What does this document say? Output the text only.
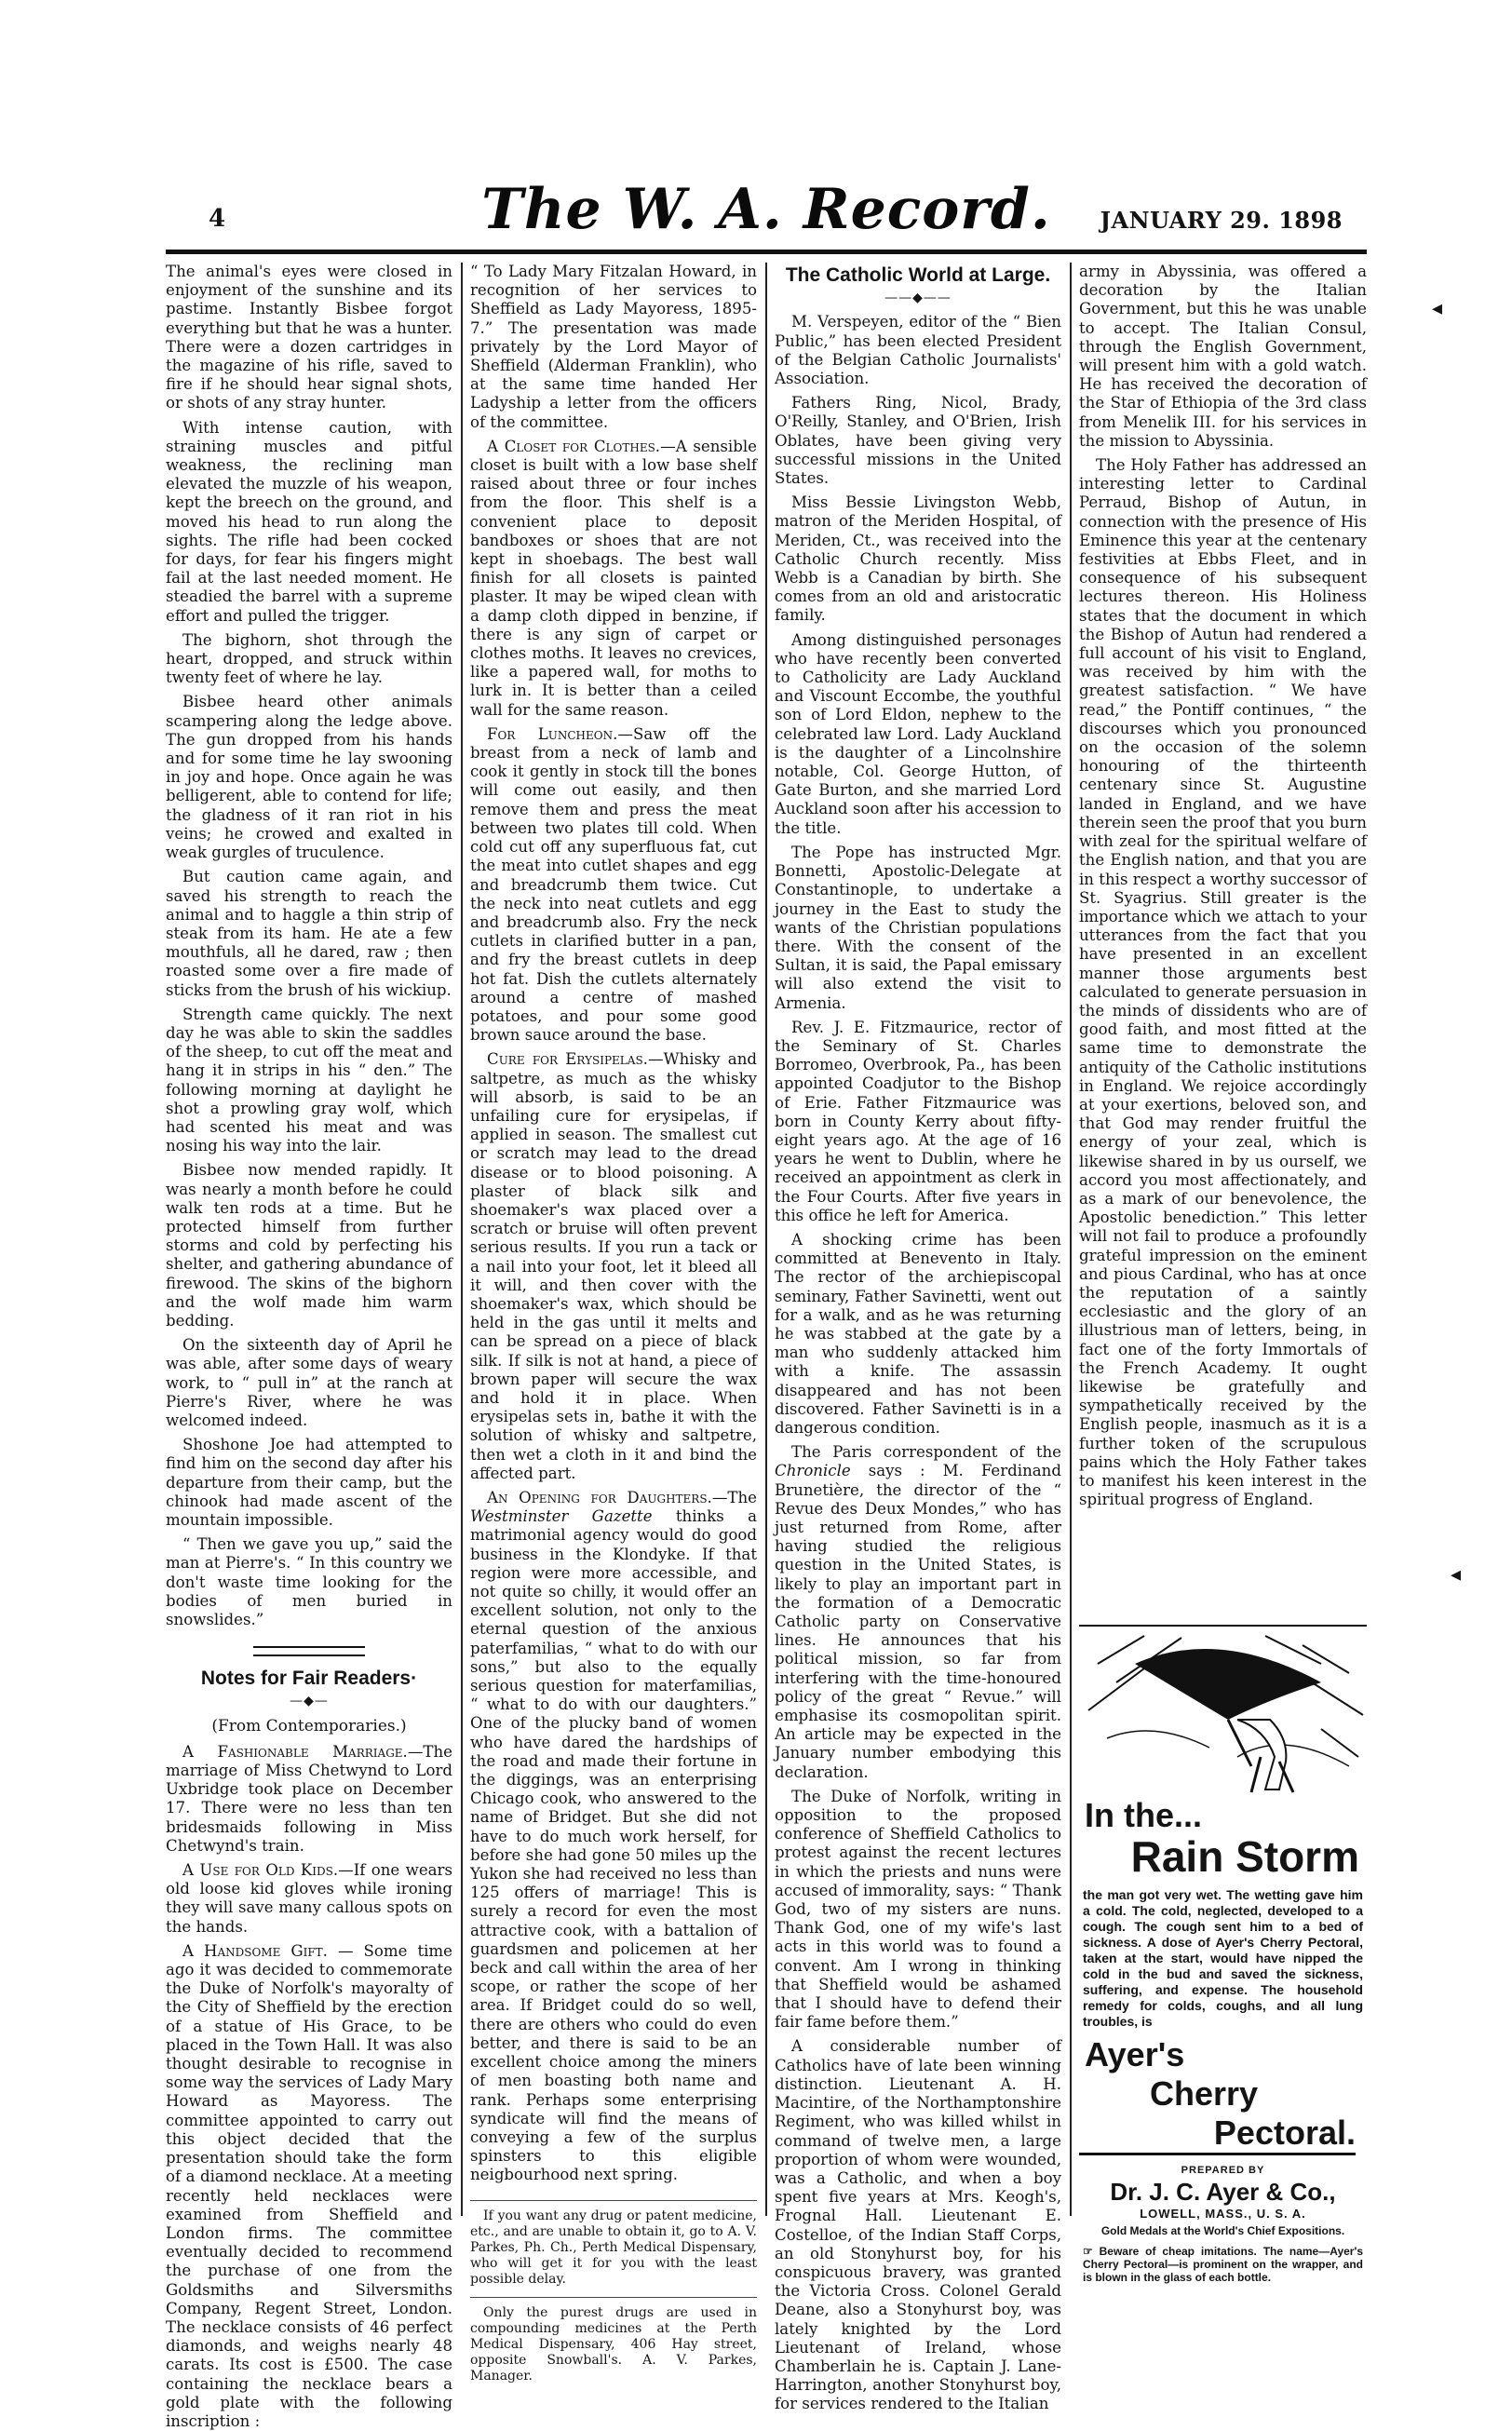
4	The W. A. Record.	JANUARY 29. 1898

The animal's eyes were closed in enjoyment of the sunshine and its pastime. Instantly Bisbee forgot everything but that he was a hunter. There were a dozen cartridges in the magazine of his rifle, saved to fire if he should hear signal shots, or shots of any stray hunter.

With intense caution, with straining muscles and pitful weakness, the reclining man elevated the muzzle of his weapon, kept the breech on the ground, and moved his head to run along the sights. The rifle had been cocked for days, for fear his fingers might fail at the last needed moment. He steadied the barrel with a supreme effort and pulled the trigger.

The bighorn, shot through the heart, dropped, and struck within twenty feet of where he lay.

Bisbee heard other animals scampering along the ledge above. The gun dropped from his hands and for some time he lay swooning in joy and hope. Once again he was belligerent, able to contend for life; the gladness of it ran riot in his veins; he crowed and exalted in weak gurgles of truculence.

But caution came again, and saved his strength to reach the animal and to haggle a thin strip of steak from its ham. He ate a few mouthfuls, all he dared, raw ; then roasted some over a fire made of sticks from the brush of his wickiup.

Strength came quickly. The next day he was able to skin the saddles of the sheep, to cut off the meat and hang it in strips in his “ den.” The following morning at daylight he shot a prowling gray wolf, which had scented his meat and was nosing his way into the lair.

Bisbee now mended rapidly. It was nearly a month before he could walk ten rods at a time. But he protected himself from further storms and cold by perfecting his shelter, and gathering abundance of firewood. The skins of the bighorn and the wolf made him warm bedding.

On the sixteenth day of April he was able, after some days of weary work, to “ pull in” at the ranch at Pierre's River, where he was welcomed indeed.

Shoshone Joe had attempted to find him on the second day after his departure from their camp, but the chinook had made ascent of the mountain impossible.

“ Then we gave you up,” said the man at Pierre's. “ In this country we don't waste time looking for the bodies of men buried in snowslides.”

Notes for Fair Readers·
—◆—
(From Contemporaries.)

A Fashionable Marriage.—The marriage of Miss Chetwynd to Lord Uxbridge took place on December 17. There were no less than ten bridesmaids following in Miss Chetwynd's train.

A Use for Old Kids.—If one wears old loose kid gloves while ironing they will save many callous spots on the hands.

A Handsome Gift. — Some time ago it was decided to commemorate the Duke of Norfolk's mayoralty of the City of Sheffield by the erection of a statue of His Grace, to be placed in the Town Hall. It was also thought desirable to recognise in some way the services of Lady Mary Howard as Mayoress. The committee appointed to carry out this object decided that the presentation should take the form of a diamond necklace. At a meeting recently held necklaces were examined from Sheffield and London firms. The committee eventually decided to recommend the purchase of one from the Goldsmiths and Silversmiths Company, Regent Street, London. The necklace consists of 46 perfect diamonds, and weighs nearly 48 carats. Its cost is £500. The case containing the necklace bears a gold plate with the following inscription :

“ To Lady Mary Fitzalan Howard, in recognition of her services to Sheffield as Lady Mayoress, 1895-7.” The presentation was made privately by the Lord Mayor of Sheffield (Alderman Franklin), who at the same time handed Her Ladyship a letter from the officers of the committee.

A Closet for Clothes.—A sensible closet is built with a low base shelf raised about three or four inches from the floor. This shelf is a convenient place to deposit bandboxes or shoes that are not kept in shoebags. The best wall finish for all closets is painted plaster. It may be wiped clean with a damp cloth dipped in benzine, if there is any sign of carpet or clothes moths. It leaves no crevices, like a papered wall, for moths to lurk in. It is better than a ceiled wall for the same reason.

For Luncheon.—Saw off the breast from a neck of lamb and cook it gently in stock till the bones will come out easily, and then remove them and press the meat between two plates till cold. When cold cut off any superfluous fat, cut the meat into cutlet shapes and egg and breadcrumb them twice. Cut the neck into neat cutlets and egg and breadcrumb also. Fry the neck cutlets in clarified butter in a pan, and fry the breast cutlets in deep hot fat. Dish the cutlets alternately around a centre of mashed potatoes, and pour some good brown sauce around the base.

Cure for Erysipelas.—Whisky and saltpetre, as much as the whisky will absorb, is said to be an unfailing cure for erysipelas, if applied in season. The smallest cut or scratch may lead to the dread disease or to blood poisoning. A plaster of black silk and shoemaker's wax placed over a scratch or bruise will often prevent serious results. If you run a tack or a nail into your foot, let it bleed all it will, and then cover with the shoemaker's wax, which should be held in the gas until it melts and can be spread on a piece of black silk. If silk is not at hand, a piece of brown paper will secure the wax and hold it in place. When erysipelas sets in, bathe it with the solution of whisky and saltpetre, then wet a cloth in it and bind the affected part.

An Opening for Daughters.—The Westminster Gazette thinks a matrimonial agency would do good business in the Klondyke. If that region were more accessible, and not quite so chilly, it would offer an excellent solution, not only to the eternal question of the anxious paterfamilias, “ what to do with our sons,” but also to the equally serious question for materfamilias, “ what to do with our daughters.” One of the plucky band of women who have dared the hardships of the road and made their fortune in the diggings, was an enterprising Chicago cook, who answered to the name of Bridget. But she did not have to do much work herself, for before she had gone 50 miles up the Yukon she had received no less than 125 offers of marriage! This is surely a record for even the most attractive cook, with a battalion of guardsmen and policemen at her beck and call within the area of her scope, or rather the scope of her area. If Bridget could do so well, there are others who could do even better, and there is said to be an excellent choice among the miners of men boasting both name and rank. Perhaps some enterprising syndicate will find the means of conveying a few of the surplus spinsters to this eligible neigbourhood next spring.

If you want any drug or patent medicine, etc., and are unable to obtain it, go to A. V. Parkes, Ph. Ch., Perth Medical Dispensary, who will get it for you with the least possible delay.

Only the purest drugs are used in compounding medicines at the Perth Medical Dispensary, 406 Hay street, opposite Snowball's. A. V. Parkes, Manager.

The Catholic World at Large.
——◆——

M. Verspeyen, editor of the “ Bien Public,” has been elected President of the Belgian Catholic Journalists' Association.

Fathers Ring, Nicol, Brady, O'Reilly, Stanley, and O'Brien, Irish Oblates, have been giving very successful missions in the United States.

Miss Bessie Livingston Webb, matron of the Meriden Hospital, of Meriden, Ct., was received into the Catholic Church recently. Miss Webb is a Canadian by birth. She comes from an old and aristocratic family.

Among distinguished personages who have recently been converted to Catholicity are Lady Auckland and Viscount Eccombe, the youthful son of Lord Eldon, nephew to the celebrated law Lord. Lady Auckland is the daughter of a Lincolnshire notable, Col. George Hutton, of Gate Burton, and she married Lord Auckland soon after his accession to the title.

The Pope has instructed Mgr. Bonnetti, Apostolic-Delegate at Constantinople, to undertake a journey in the East to study the wants of the Christian populations there. With the consent of the Sultan, it is said, the Papal emissary will also extend the visit to Armenia.

Rev. J. E. Fitzmaurice, rector of the Seminary of St. Charles Borromeo, Overbrook, Pa., has been appointed Coadjutor to the Bishop of Erie. Father Fitzmaurice was born in County Kerry about fifty-eight years ago. At the age of 16 years he went to Dublin, where he received an appointment as clerk in the Four Courts. After five years in this office he left for America.

A shocking crime has been committed at Benevento in Italy. The rector of the archiepiscopal seminary, Father Savinetti, went out for a walk, and as he was returning he was stabbed at the gate by a man who suddenly attacked him with a knife. The assassin disappeared and has not been discovered. Father Savinetti is in a dangerous condition.

The Paris correspondent of the Chronicle says : M. Ferdinand Brunetière, the director of the “ Revue des Deux Mondes,” who has just returned from Rome, after having studied the religious question in the United States, is likely to play an important part in the formation of a Democratic Catholic party on Conservative lines. He announces that his political mission, so far from interfering with the time-honoured policy of the great “ Revue.” will emphasise its cosmopolitan spirit. An article may be expected in the January number embodying this declaration.

The Duke of Norfolk, writing in opposition to the proposed conference of Sheffield Catholics to protest against the recent lectures in which the priests and nuns were accused of immorality, says: “ Thank God, two of my sisters are nuns. Thank God, one of my wife's last acts in this world was to found a convent. Am I wrong in thinking that Sheffield would be ashamed that I should have to defend their fair fame before them.”

A considerable number of Catholics have of late been winning distinction. Lieutenant A. H. Macintire, of the Northamptonshire Regiment, who was killed whilst in command of twelve men, a large proportion of whom were wounded, was a Catholic, and when a boy spent five years at Mrs. Keogh's, Frognal Hall. Lieutenant E. Costelloe, of the Indian Staff Corps, an old Stonyhurst boy, for his conspicuous bravery, was granted the Victoria Cross. Colonel Gerald Deane, also a Stonyhurst boy, was lately knighted by the Lord Lieutenant of Ireland, whose Chamberlain he is. Captain J. Lane-Harrington, another Stonyhurst boy, for services rendered to the Italian

army in Abyssinia, was offered a decoration by the Italian Government, but this he was unable to accept. The Italian Consul, through the English Government, will present him with a gold watch. He has received the decoration of the Star of Ethiopia of the 3rd class from Menelik III. for his services in the mission to Abyssinia.

The Holy Father has addressed an interesting letter to Cardinal Perraud, Bishop of Autun, in connection with the presence of His Eminence this year at the centenary festivities at Ebbs Fleet, and in consequence of his subsequent lectures thereon. His Holiness states that the document in which the Bishop of Autun had rendered a full account of his visit to England, was received by him with the greatest satisfaction. “ We have read,” the Pontiff continues, “ the discourses which you pronounced on the occasion of the solemn honouring of the thirteenth centenary since St. Augustine landed in England, and we have therein seen the proof that you burn with zeal for the spiritual welfare of the English nation, and that you are in this respect a worthy successor of St. Syagrius. Still greater is the importance which we attach to your utterances from the fact that you have presented in an excellent manner those arguments best calculated to generate persuasion in the minds of dissidents who are of good faith, and most fitted at the same time to demonstrate the antiquity of the Catholic institutions in England. We rejoice accordingly at your exertions, beloved son, and that God may render fruitful the energy of your zeal, which is likewise shared in by us ourself, we accord you most affectionately, and as a mark of our benevolence, the Apostolic benediction.” This letter will not fail to produce a profoundly grateful impression on the eminent and pious Cardinal, who has at once the reputation of a saintly ecclesiastic and the glory of an illustrious man of letters, being, in fact one of the forty Immortals of the French Academy. It ought likewise be gratefully and sympathetically received by the English people, inasmuch as it is a further token of the scrupulous pains which the Holy Father takes to manifest his keen interest in the spiritual progress of England.

In the...
Rain Storm
the man got very wet. The wetting gave him a cold. The cold, neglected, developed to a cough. The cough sent him to a bed of sickness. A dose of Ayer's Cherry Pectoral, taken at the start, would have nipped the cold in the bud and saved the sickness, suffering, and expense. The household remedy for colds, coughs, and all lung troubles, is
Ayer's
Cherry
Pectoral.
PREPARED BY
Dr. J. C. Ayer & Co.,
LOWELL, MASS., U. S. A.
Gold Medals at the World's Chief Expositions.
☞ Beware of cheap imitations. The name—Ayer's Cherry Pectoral—is prominent on the wrapper, and is blown in the glass of each bottle.
◂
◂
